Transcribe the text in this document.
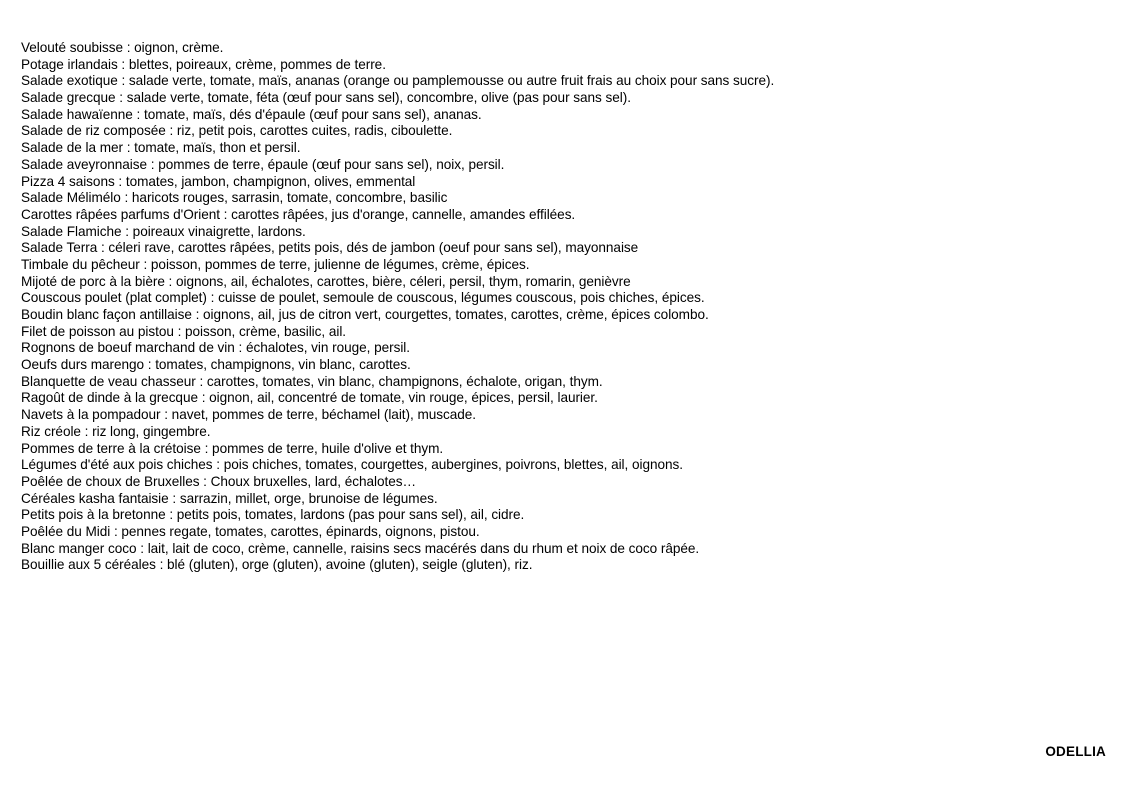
Velouté soubisse : oignon, crème.
Potage irlandais : blettes, poireaux, crème, pommes de terre.
Salade exotique : salade verte, tomate, maïs, ananas (orange ou pamplemousse ou autre fruit frais au choix pour sans sucre).
Salade grecque : salade verte, tomate, féta (œuf pour sans sel), concombre, olive (pas pour sans sel).
Salade hawaïenne : tomate, maïs, dés d'épaule (œuf pour sans sel), ananas.
Salade de riz composée : riz, petit pois, carottes cuites, radis, ciboulette.
Salade de la mer : tomate, maïs, thon et persil.
Salade aveyronnaise : pommes de terre, épaule (œuf pour sans sel), noix, persil.
Pizza 4 saisons : tomates, jambon, champignon, olives, emmental
Salade Mélimélo : haricots rouges, sarrasin, tomate, concombre, basilic
Carottes râpées parfums d'Orient : carottes râpées, jus d'orange, cannelle, amandes effilées.
Salade Flamiche : poireaux vinaigrette, lardons.
Salade Terra : céleri rave, carottes râpées, petits pois, dés de jambon (oeuf pour sans sel), mayonnaise
Timbale du pêcheur : poisson, pommes de terre, julienne de légumes, crème, épices.
Mijoté de porc à la bière : oignons, ail, échalotes, carottes, bière, céleri, persil, thym, romarin, genièvre
Couscous poulet (plat complet) : cuisse de poulet, semoule de couscous, légumes couscous, pois chiches, épices.
Boudin blanc façon antillaise : oignons, ail, jus de citron vert, courgettes, tomates, carottes, crème, épices colombo.
Filet de poisson au pistou : poisson, crème, basilic, ail.
Rognons de boeuf marchand de vin : échalotes, vin rouge, persil.
Oeufs durs marengo : tomates, champignons, vin blanc, carottes.
Blanquette de veau chasseur : carottes, tomates, vin blanc, champignons, échalote, origan, thym.
Ragoût de dinde à la grecque : oignon, ail, concentré de tomate, vin rouge, épices, persil, laurier.
Navets à la pompadour : navet, pommes de terre, béchamel (lait), muscade.
Riz créole : riz long, gingembre.
Pommes de terre à la crétoise : pommes de terre, huile d'olive et thym.
Légumes d'été aux pois chiches : pois chiches, tomates, courgettes, aubergines, poivrons, blettes, ail, oignons.
Poêlée de choux de Bruxelles : Choux bruxelles, lard, échalotes…
Céréales kasha fantaisie : sarrazin, millet, orge, brunoise de légumes.
Petits pois à la bretonne : petits pois, tomates, lardons (pas pour sans sel), ail, cidre.
Poêlée du Midi : pennes regate, tomates, carottes, épinards, oignons, pistou.
Blanc manger coco : lait, lait de coco, crème, cannelle, raisins secs macérés dans du rhum et noix de coco râpée.
Bouillie aux 5 céréales : blé (gluten), orge (gluten), avoine (gluten), seigle (gluten), riz.
ODELLIA
